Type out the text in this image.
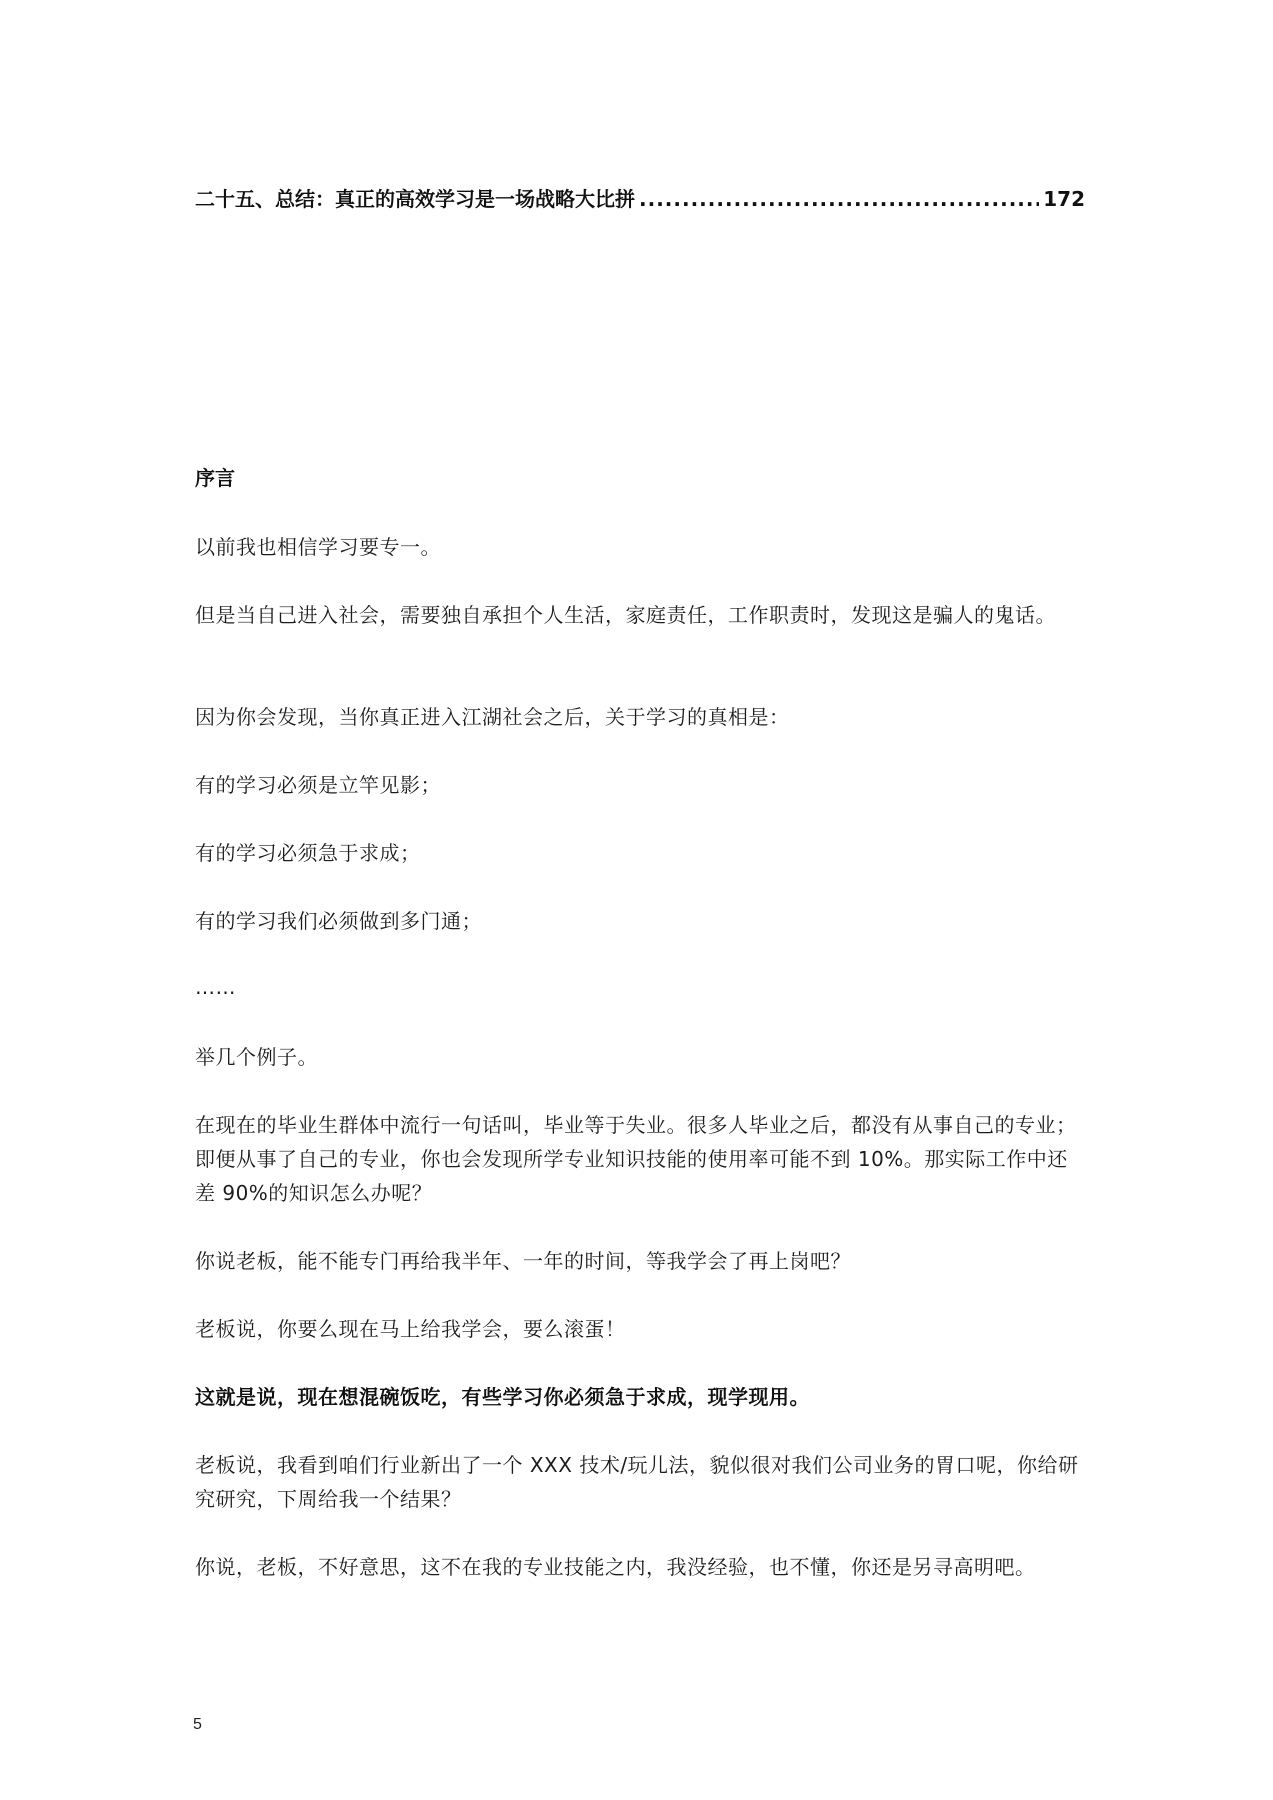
二十五、总结：真正的高效学习是一场战略大比拼
.....	172
序言

以前我也相信学习要专一。

但是当自己进入社会，需要独自承担个人生活，家庭责任，工作职责时，发现这是骗人的鬼话。

因为你会发现，当你真正进入江湖社会之后，关于学习的真相是：

有的学习必须是立竿见影；

有的学习必须急于求成；

有的学习我们必须做到多门通；

……

举几个例子。

在现在的毕业生群体中流行一句话叫，毕业等于失业。很多人毕业之后，都没有从事自己的专业；即便从事了自己的专业，你也会发现所学专业知识技能的使用率可能不到 10%。那实际工作中还差 90%的知识怎么办呢？

你说老板，能不能专门再给我半年、一年的时间，等我学会了再上岗吧？

老板说，你要么现在马上给我学会，要么滚蛋！

这就是说，现在想混碗饭吃，有些学习你必须急于求成，现学现用。

老板说，我看到咱们行业新出了一个 XXX 技术/玩儿法，貌似很对我们公司业务的胃口呢，你给研究研究，下周给我一个结果？

你说，老板，不好意思，这不在我的专业技能之内，我没经验，也不懂，你还是另寻高明吧。

5
